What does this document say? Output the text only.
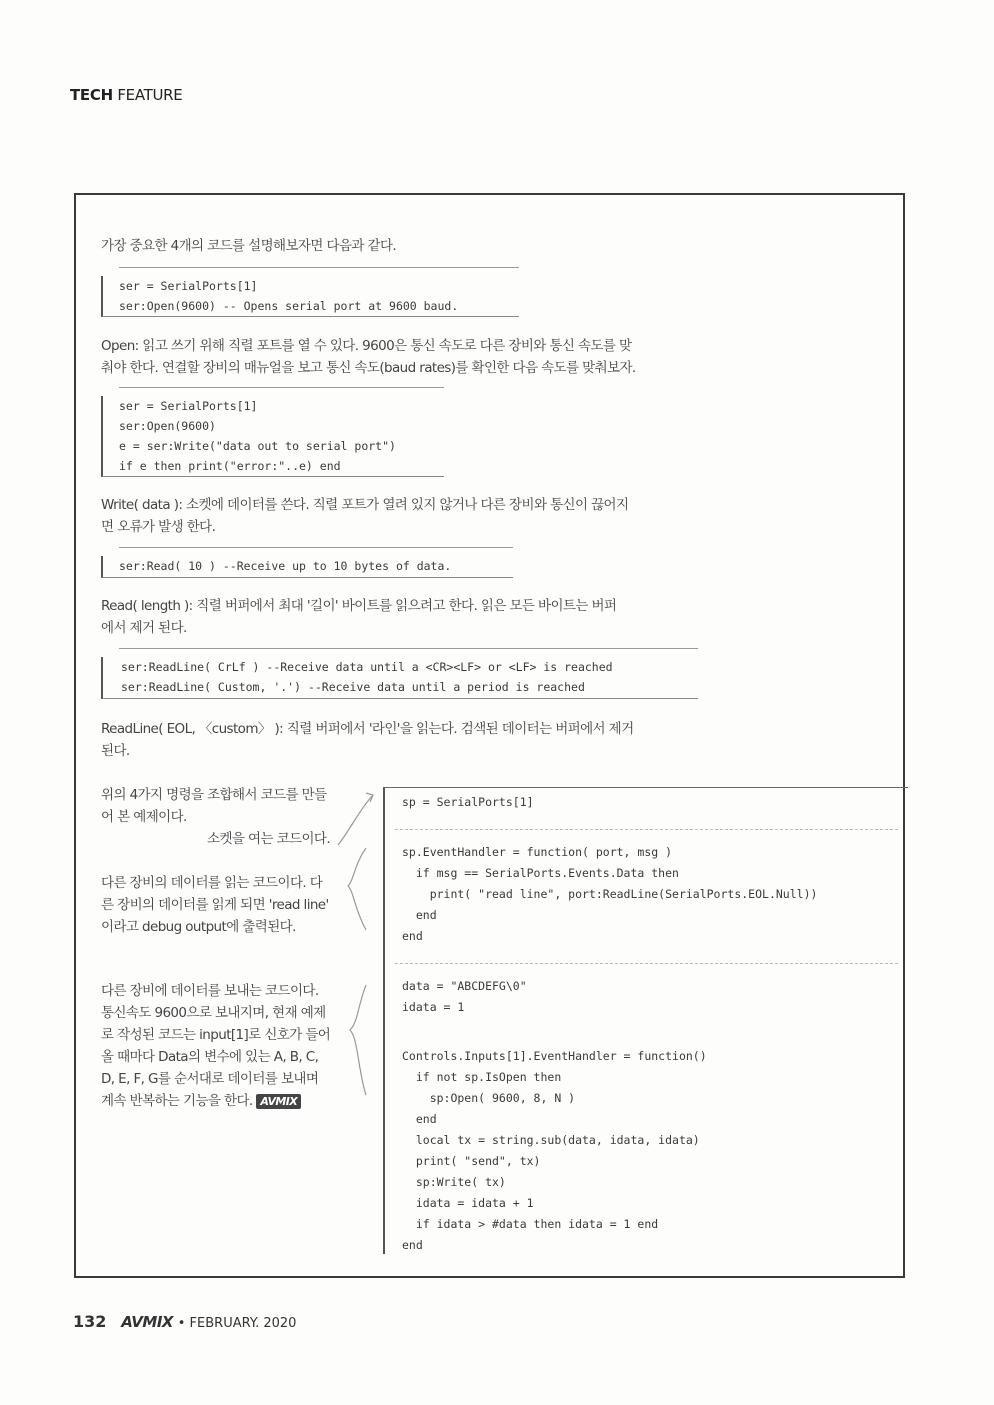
TECH FEATURE
가장 중요한 4개의 코드를 설명해보자면 다음과 같다.
ser = SerialPorts[1]
ser:Open(9600) -- Opens serial port at 9600 baud.
Open: 읽고 쓰기 위해 직렬 포트를 열 수 있다. 9600은 통신 속도로 다른 장비와 통신 속도를 맞
춰야 한다. 연결할 장비의 매뉴얼을 보고 통신 속도(baud rates)를 확인한 다음 속도를 맞춰보자.
ser = SerialPorts[1]
ser:Open(9600)
e = ser:Write("data out to serial port")
if e then print("error:"..e) end
Write( data ): 소켓에 데이터를 쓴다. 직렬 포트가 열려 있지 않거나 다른 장비와 통신이 끊어지
면 오류가 발생 한다.
ser:Read( 10 ) --Receive up to 10 bytes of data.
Read( length ): 직렬 버퍼에서 최대 '길이' 바이트를 읽으려고 한다. 읽은 모든 바이트는 버퍼
에서 제거 된다.
ser:ReadLine( CrLf ) --Receive data until a <CR><LF> or <LF> is reached
ser:ReadLine( Custom, '.') --Receive data until a period is reached
ReadLine( EOL, 〈custom〉 ): 직렬 버퍼에서 '라인'을 읽는다. 검색된 데이터는 버퍼에서 제거
된다.
위의 4가지 명령을 조합해서 코드를 만들
어 본 예제이다.
소켓을 여는 코드이다.
다른 장비의 데이터를 읽는 코드이다. 다
른 장비의 데이터를 읽게 되면 'read line'
이라고 debug output에 출력된다.
다른 장비에 데이터를 보내는 코드이다.
통신속도 9600으로 보내지며, 현재 예제
로 작성된 코드는 input[1]로 신호가 들어
올 때마다 Data의 변수에 있는 A, B, C,
D, E, F, G를 순서대로 데이터를 보내며
계속 반복하는 기능을 한다. AVMIX
sp = SerialPorts[1]
sp.EventHandler = function( port, msg )
if msg == SerialPorts.Events.Data then
print( "read line", port:ReadLine(SerialPorts.EOL.Null))
end
end
data = "ABCDEFG\0"
idata = 1
Controls.Inputs[1].EventHandler = function()
if not sp.IsOpen then
sp:Open( 9600, 8, N )
end
local tx = string.sub(data, idata, idata)
print( "send", tx)
sp:Write( tx)
idata = idata + 1
if idata > #data then idata = 1 end
end
132 AVMIX • FEBRUARY. 2020
